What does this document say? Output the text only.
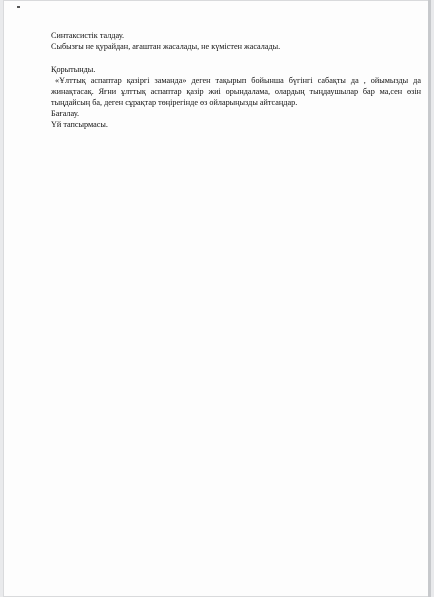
Синтаксистік талдау.
Сыбызғы не қурайдан, ағаштан жасалады, не күмістен жасалады.
Қорытынды.

«Ұлттық аспаптар қазіргі заманда» деген тақырып бойынша бүгінгі сабақты да , ойымызды да жинақтасақ. Яғни ұлттық аспаптар қазір жиі орындалама, олардың тыңдаушылар бар ма,сен өзін тыңдайсың ба, деген сұрақтар төңірегінде өз ойларыңызды айтсаңдар.

Бағалау.
Үй тапсырмасы.
